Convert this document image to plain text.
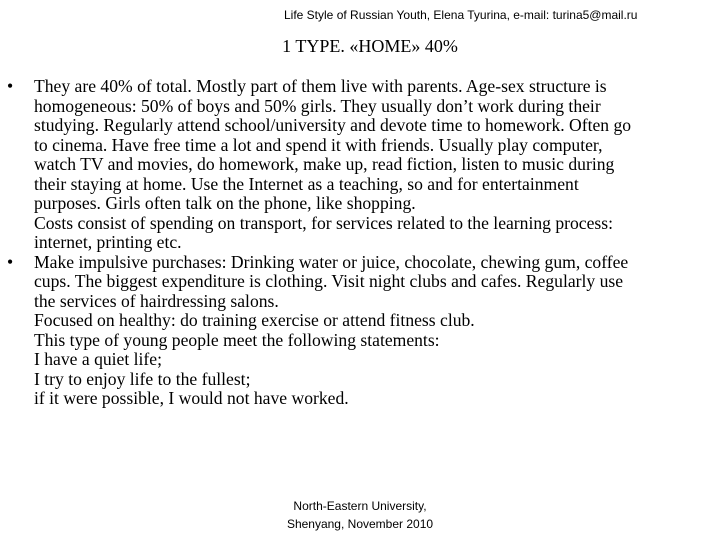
Life Style of Russian Youth, Elena Tyurina, e-mail: turina5@mail.ru
1 TYPE. «HOME» 40%
• They are 40% of total. Mostly part of them live with parents. Age-sex structure is
homogeneous: 50% of boys and 50% girls. They usually don’t work during their
studying. Regularly attend school/university and devote time to homework. Often go
to cinema. Have free time a lot and spend it with friends. Usually play computer,
watch TV and movies, do homework, make up, read fiction, listen to music during
their staying at home. Use the Internet as a teaching, so and for entertainment
purposes. Girls often talk on the phone, like shopping.
Costs consist of spending on transport, for services related to the learning process:
internet, printing etc.
• Make impulsive purchases: Drinking water or juice, chocolate, chewing gum, coffee
cups. The biggest expenditure is clothing. Visit night clubs and cafes. Regularly use
the services of hairdressing salons.
Focused on healthy: do training exercise or attend fitness club.
This type of young people meet the following statements:
I have a quiet life;
I try to enjoy life to the fullest;
if it were possible, I would not have worked.
North-Eastern University,
Shenyang, November 2010
